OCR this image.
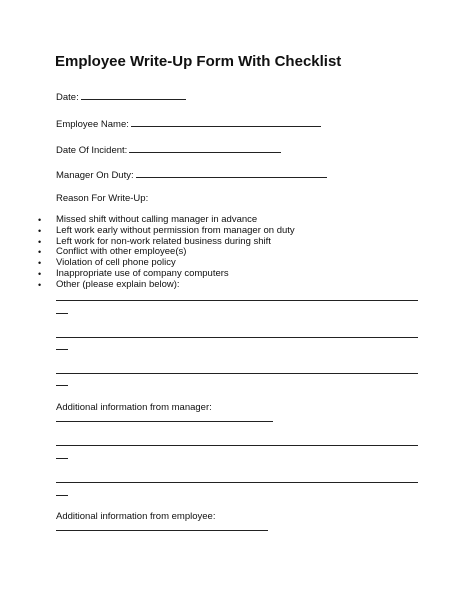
Employee Write-Up Form With Checklist
Date:
Employee Name:
Date Of Incident:
Manager On Duty:
Reason For Write-Up:
• Missed shift without calling manager in advance
• Left work early without permission from manager on duty
• Left work for non-work related business during shift
• Conflict with other employee(s)
• Violation of cell phone policy
• Inappropriate use of company computers
• Other (please explain below):
Additional information from manager:
Additional information from employee:
